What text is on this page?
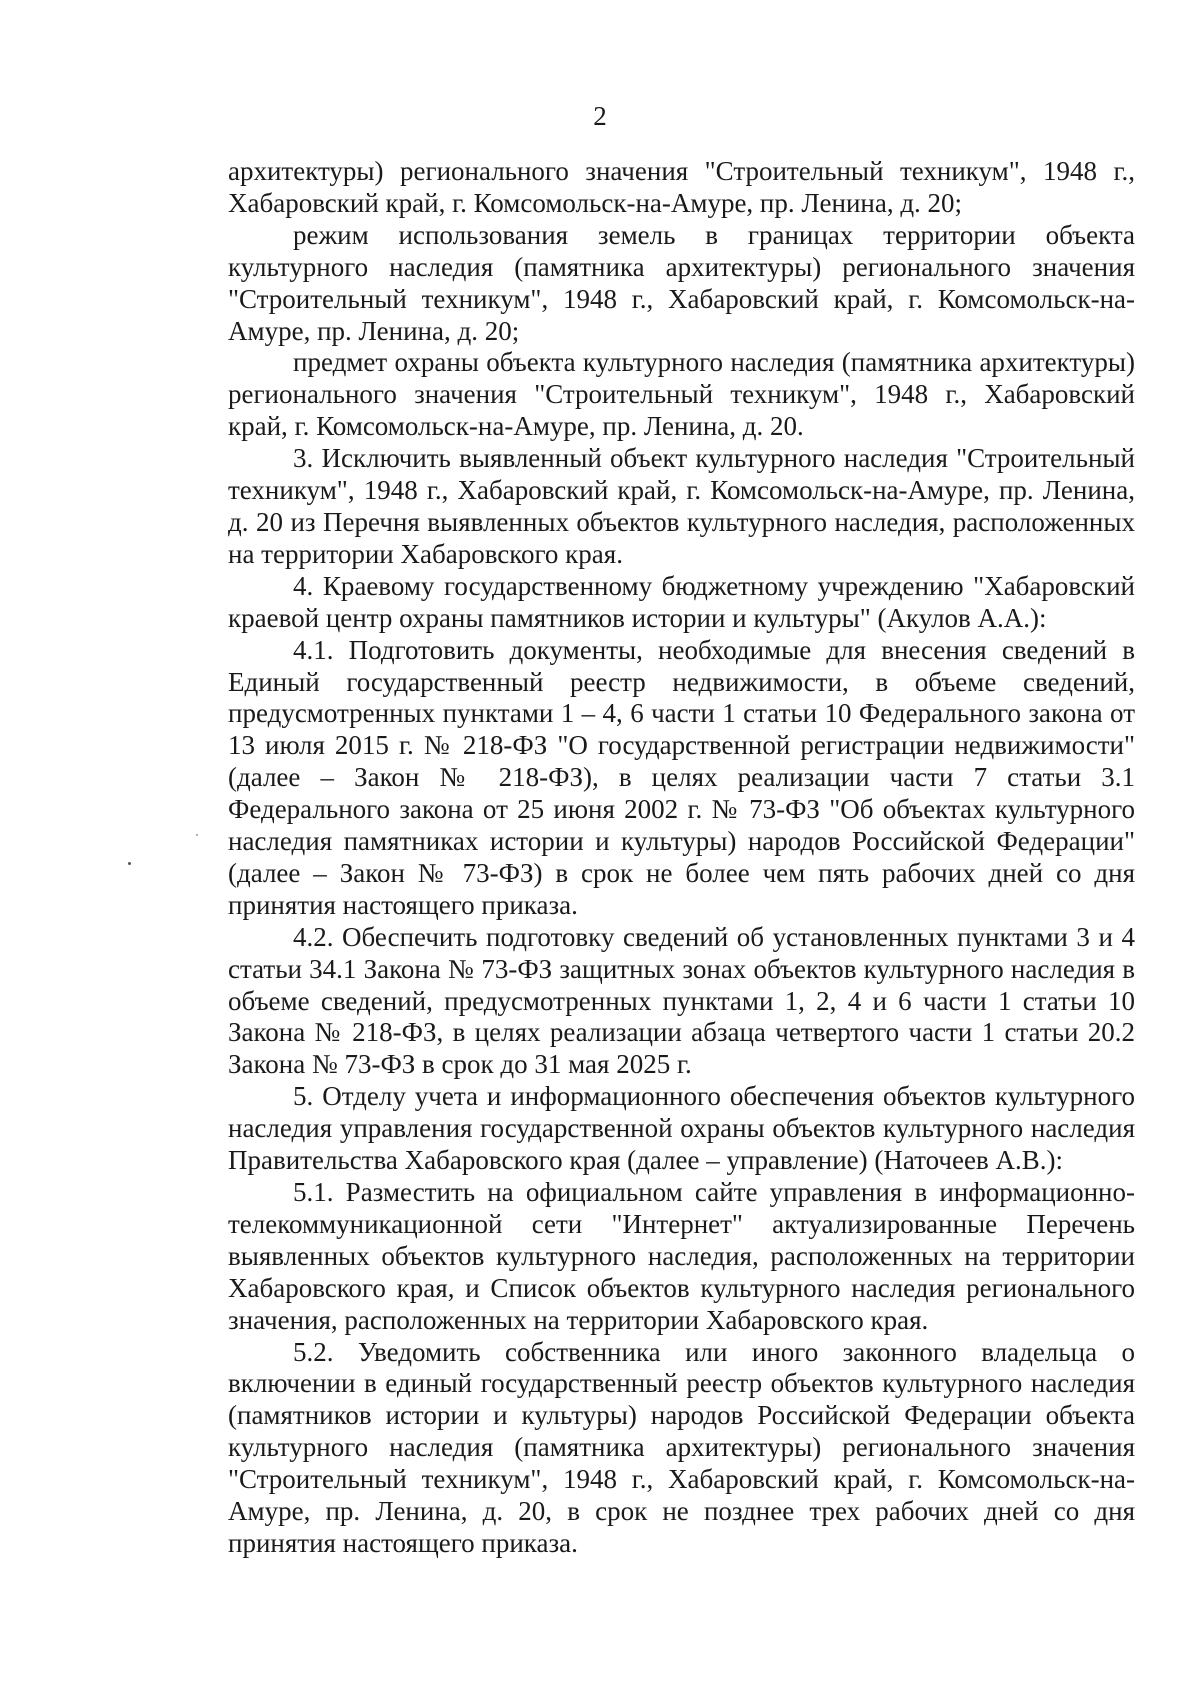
2

архитектуры) регионального значения "Строительный техникум", 1948 г., Хабаровский край, г. Комсомольск-на-Амуре, пр. Ленина, д. 20;

режим использования земель в границах территории объекта культурного наследия (памятника архитектуры) регионального значения "Строительный техникум", 1948 г., Хабаровский край, г. Комсомольск-на-Амуре, пр. Ленина, д. 20;

предмет охраны объекта культурного наследия (памятника архитектуры) регионального значения "Строительный техникум", 1948 г., Хабаровский край, г. Комсомольск-на-Амуре, пр. Ленина, д. 20.

3. Исключить выявленный объект культурного наследия "Строительный техникум", 1948 г., Хабаровский край, г. Комсомольск-на-Амуре, пр. Ленина, д. 20 из Перечня выявленных объектов культурного наследия, расположенных на территории Хабаровского края.

4. Краевому государственному бюджетному учреждению "Хабаровский краевой центр охраны памятников истории и культуры" (Акулов А.А.):

4.1. Подготовить документы, необходимые для внесения сведений в Единый государственный реестр недвижимости, в объеме сведений, предусмотренных пунктами 1 – 4, 6 части 1 статьи 10 Федерального закона от 13 июля 2015 г. № 218-ФЗ "О государственной регистрации недвижимости" (далее – Закон № 218-ФЗ), в целях реализации части 7 статьи 3.1 Федерального закона от 25 июня 2002 г. № 73-ФЗ "Об объектах культурного наследия памятниках истории и культуры) народов Российской Федерации" (далее – Закон № 73-ФЗ) в срок не более чем пять рабочих дней со дня принятия настоящего приказа.

4.2. Обеспечить подготовку сведений об установленных пунктами 3 и 4 статьи 34.1 Закона № 73-ФЗ защитных зонах объектов культурного наследия в объеме сведений, предусмотренных пунктами 1, 2, 4 и 6 части 1 статьи 10 Закона № 218-ФЗ, в целях реализации абзаца четвертого части 1 статьи 20.2 Закона № 73-ФЗ в срок до 31 мая 2025 г.

5. Отделу учета и информационного обеспечения объектов культурного наследия управления государственной охраны объектов культурного наследия Правительства Хабаровского края (далее – управление) (Наточеев А.В.):

5.1. Разместить на официальном сайте управления в информационно-телекоммуникационной сети "Интернет" актуализированные Перечень выявленных объектов культурного наследия, расположенных на территории Хабаровского края, и Список объектов культурного наследия регионального значения, расположенных на территории Хабаровского края.

5.2. Уведомить собственника или иного законного владельца о включении в единый государственный реестр объектов культурного наследия (памятников истории и культуры) народов Российской Федерации объекта культурного наследия (памятника архитектуры) регионального значения "Строительный техникум", 1948 г., Хабаровский край, г. Комсомольск-на-Амуре, пр. Ленина, д. 20, в срок не позднее трех рабочих дней со дня принятия настоящего приказа.
